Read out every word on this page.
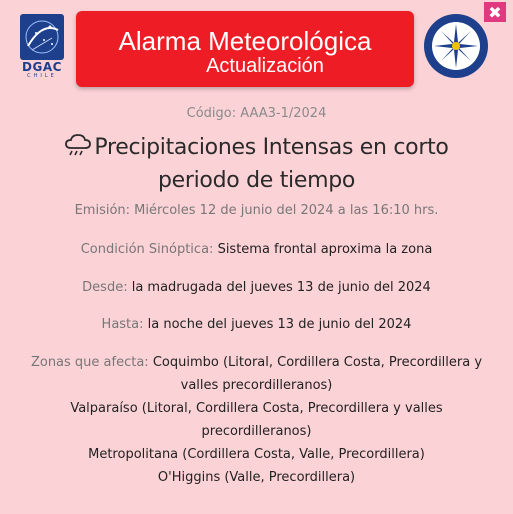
DGAC
CHILE
Alarma Meteorológica
Actualización
✖
Código: AAA3-1/2024
Precipitaciones Intensas en corto
periodo de tiempo
Emisión: Miércoles 12 de junio del 2024 a las 16:10 hrs.
Condición Sinóptica: Sistema frontal aproxima la zona
Desde: la madrugada del jueves 13 de junio del 2024
Hasta: la noche del jueves 13 de junio del 2024
Zonas que afecta: Coquimbo (Litoral, Cordillera Costa, Precordillera y
valles precordilleranos)
Valparaíso (Litoral, Cordillera Costa, Precordillera y valles
precordilleranos)
Metropolitana (Cordillera Costa, Valle, Precordillera)
O'Higgins (Valle, Precordillera)
